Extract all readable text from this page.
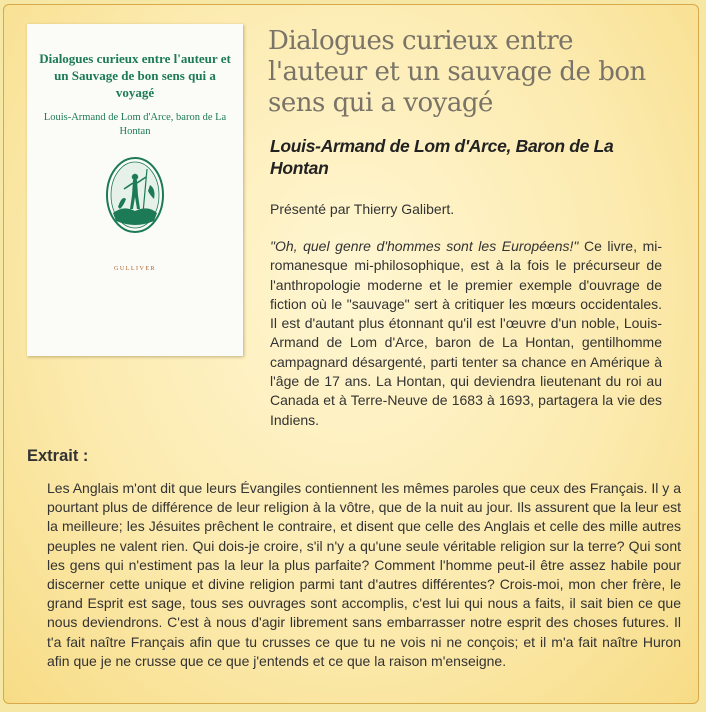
Dialogues curieux entre l'auteur et un Sauvage de bon sens qui a voyagé
Louis-Armand de Lom d'Arce, baron de La Hontan
GULLIVER
Dialogues curieux entre l'auteur et un sauvage de bon sens qui a voyagé
Louis-Armand de Lom d'Arce, Baron de La Hontan
Présenté par Thierry Galibert.

"Oh, quel genre d'hommes sont les Européens!" Ce livre, mi-romanesque mi-philosophique, est à la fois le précurseur de l'anthropologie moderne et le premier exemple d'ouvrage de fiction où le "sauvage" sert à critiquer les mœurs occidentales. Il est d'autant plus étonnant qu'il est l'œuvre d'un noble, Louis-Armand de Lom d'Arce, baron de La Hontan, gentilhomme campagnard désargenté, parti tenter sa chance en Amérique à l'âge de 17 ans. La Hontan, qui deviendra lieutenant du roi au Canada et à Terre-Neuve de 1683 à 1693, partagera la vie des Indiens.

Extrait :

Les Anglais m'ont dit que leurs Évangiles contiennent les mêmes paroles que ceux des Français. Il y a pourtant plus de différence de leur religion à la vôtre, que de la nuit au jour. Ils assurent que la leur est la meilleure; les Jésuites prêchent le contraire, et disent que celle des Anglais et celle des mille autres peuples ne valent rien. Qui dois-je croire, s'il n'y a qu'une seule véritable religion sur la terre? Qui sont les gens qui n'estiment pas la leur la plus parfaite? Comment l'homme peut-il être assez habile pour discerner cette unique et divine religion parmi tant d'autres différentes? Crois-moi, mon cher frère, le grand Esprit est sage, tous ses ouvrages sont accomplis, c'est lui qui nous a faits, il sait bien ce que nous deviendrons. C'est à nous d'agir librement sans embarrasser notre esprit des choses futures. Il t'a fait naître Français afin que tu crusses ce que tu ne vois ni ne conçois; et il m'a fait naître Huron afin que je ne crusse que ce que j'entends et ce que la raison m'enseigne.
